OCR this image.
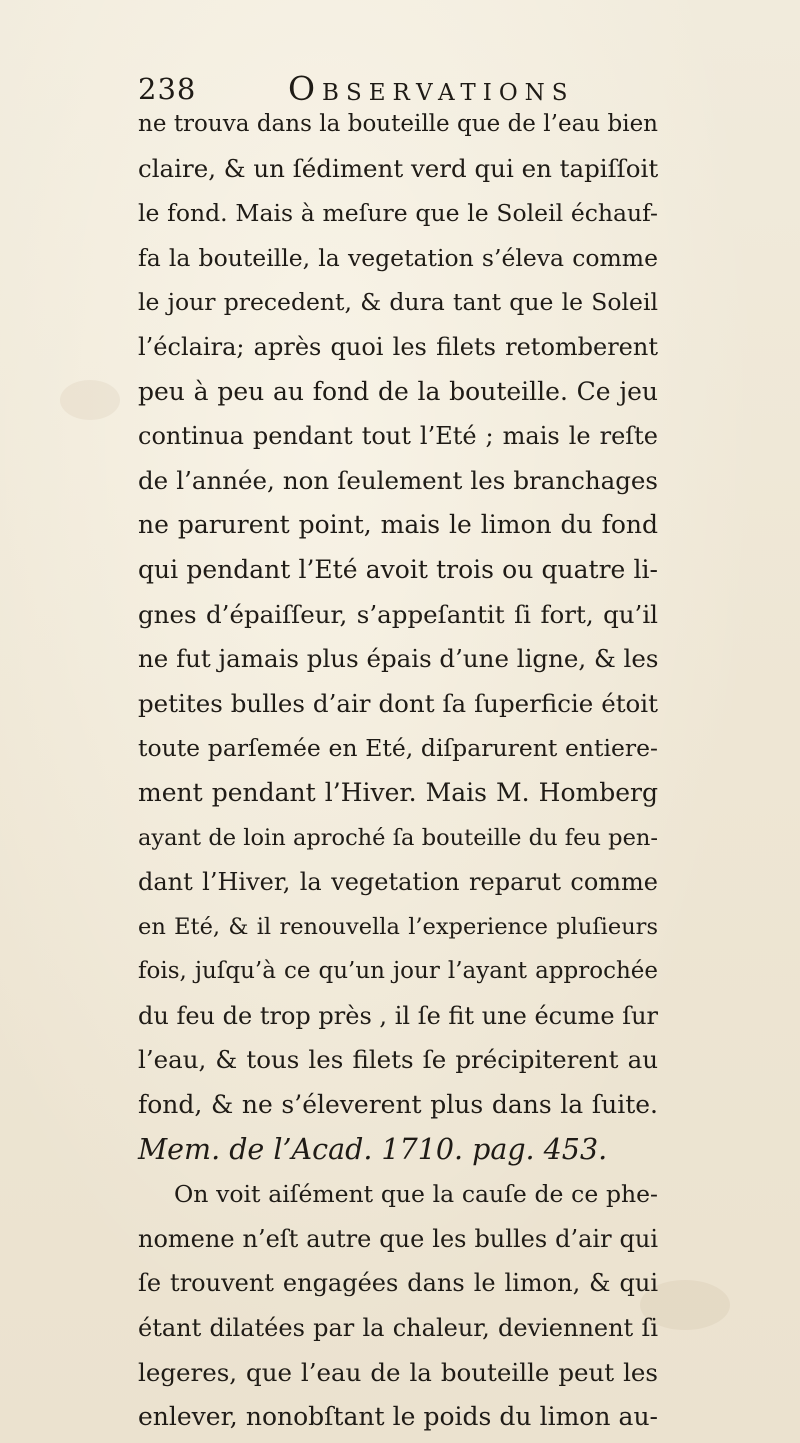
238	Observations
ne trouva dans la bouteille que de l’eau bien
claire, & un ſédiment verd qui en tapiſſoit
le fond. Mais à meſure que le Soleil échauf-
fa la bouteille, la vegetation s’éleva comme
le jour precedent, & dura tant que le Soleil
l’éclaira; après quoi les filets retomberent
peu à peu au fond de la bouteille. Ce jeu
continua pendant tout l’Eté ; mais le reſte
de l’année, non ſeulement les branchages
ne parurent point, mais le limon du fond
qui pendant l’Eté avoit trois ou quatre li-
gnes d’épaiſſeur, s’appeſantit ſi fort, qu’il
ne fut jamais plus épais d’une ligne, & les
petites bulles d’air dont ſa ſuperficie étoit
toute parſemée en Eté, diſparurent entiere-
ment pendant l’Hiver. Mais M. Homberg
ayant de loin aproché ſa bouteille du feu pen-
dant l’Hiver, la vegetation reparut comme
en Eté, & il renouvella l’experience pluſieurs
fois, juſqu’à ce qu’un jour l’ayant approchée
du feu de trop près , il ſe fit une écume ſur
l’eau, & tous les filets ſe précipiterent au
fond, & ne s’éleverent plus dans la ſuite.
Mem. de l’Acad. 1710. pag. 453.
On voit aiſément que la cauſe de ce phe-
nomene n’eſt autre que les bulles d’air qui
ſe trouvent engagées dans le limon, & qui
étant dilatées par la chaleur, deviennent ſi
legeres, que l’eau de la bouteille peut les
enlever, nonobſtant le poids du limon au-
